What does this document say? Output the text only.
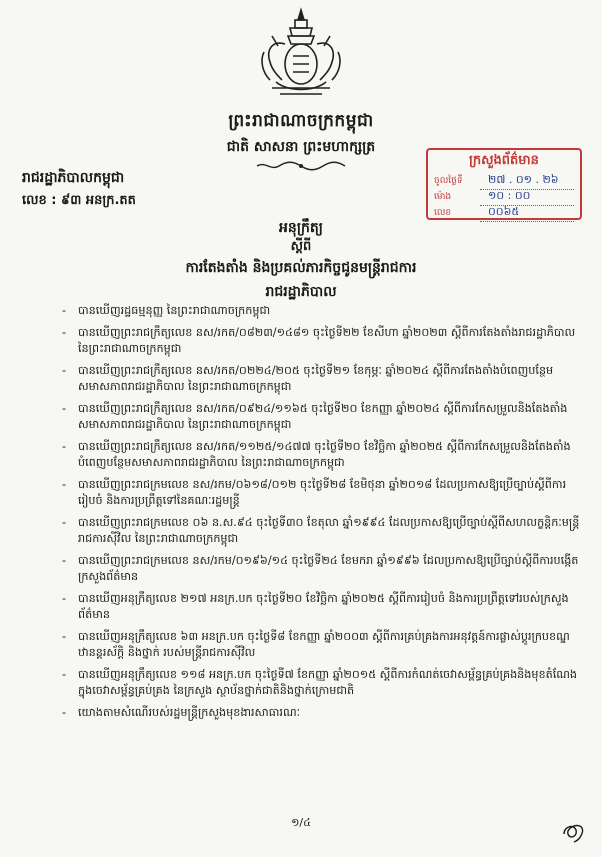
ព្រះរាជាណាចក្រកម្ពុជា
ជាតិ សាសនា ព្រះមហាក្សត្រ
រាជរដ្ឋាភិបាលកម្ពុជា
លេខ : ៩៣ អនក្រ.តត
ក្រសួងព័ត៌មាន
ចូលថ្ងៃទី	២៧ . ០១ . ២៦
ម៉ោង	១០ : ០០
លេខ	០០៦៥
អនុក្រឹត្យ
ស្តីពី
ការតែងតាំង និងប្រគល់ភារកិច្ចជូនមន្ត្រីរាជការ
រាជរដ្ឋាភិបាល
- បានឃើញរដ្ឋធម្មនុញ្ញ នៃព្រះរាជាណាចក្រកម្ពុជា
- បានឃើញព្រះរាជក្រឹត្យលេខ នស/រកត/០៨២៣/១៤៨១ ចុះថ្ងៃទី២២ ខែសីហា ឆ្នាំ២០២៣ ស្តីពីការតែងតាំងរាជរដ្ឋាភិបាល នៃព្រះរាជាណាចក្រកម្ពុជា
- បានឃើញព្រះរាជក្រឹត្យលេខ នស/រកត/០២២៤/២០៥ ចុះថ្ងៃទី២១ ខែកុម្ភៈ ឆ្នាំ២០២៤ ស្តីពីការតែងតាំងបំពេញបន្ថែមសមាសភាពរាជរដ្ឋាភិបាល នៃព្រះរាជាណាចក្រកម្ពុជា
- បានឃើញព្រះរាជក្រឹត្យលេខ នស/រកត/០៩២៤/១១៦៥ ចុះថ្ងៃទី២០ ខែកញ្ញា ឆ្នាំ២០២៤ ស្តីពីការកែសម្រួលនិងតែងតាំងសមាសភាពរាជរដ្ឋាភិបាល នៃព្រះរាជាណាចក្រកម្ពុជា
- បានឃើញព្រះរាជក្រឹត្យលេខ នស/រកត/១១២៥/១៤៧៧ ចុះថ្ងៃទី២០ ខែវិច្ឆិកា ឆ្នាំ២០២៥ ស្តីពីការកែសម្រួលនិងតែងតាំងបំពេញបន្ថែមសមាសភាពរាជរដ្ឋាភិបាល នៃព្រះរាជាណាចក្រកម្ពុជា
- បានឃើញព្រះរាជក្រមលេខ នស/រកម/០៦១៨/០១២ ចុះថ្ងៃទី២៨ ខែមិថុនា ឆ្នាំ២០១៨ ដែលប្រកាសឱ្យប្រើច្បាប់ស្តីពីការរៀបចំ និងការប្រព្រឹត្តទៅនៃគណៈរដ្ឋមន្ត្រី
- បានឃើញព្រះរាជក្រមលេខ ០៦ ន.ស.៩៤ ចុះថ្ងៃទី៣០ ខែតុលា ឆ្នាំ១៩៩៤ ដែលប្រកាសឱ្យប្រើច្បាប់ស្តីពីសហលក្ខន្តិកៈមន្ត្រីរាជការស៊ីវិល នៃព្រះរាជាណាចក្រកម្ពុជា
- បានឃើញព្រះរាជក្រមលេខ នស/រកម/០១៩៦/១៤ ចុះថ្ងៃទី២៤ ខែមករា ឆ្នាំ១៩៩៦ ដែលប្រកាសឱ្យប្រើច្បាប់ស្តីពីការបង្កើតក្រសួងព័ត៌មាន
- បានឃើញអនុក្រឹត្យលេខ ២១៧ អនក្រ.បក ចុះថ្ងៃទី២០ ខែវិច្ឆិកា ឆ្នាំ២០២៥ ស្តីពីការរៀបចំ និងការប្រព្រឹត្តទៅរបស់ក្រសួងព័ត៌មាន
- បានឃើញអនុក្រឹត្យលេខ ៦៣ អនក្រ.បក ចុះថ្ងៃទី៨ ខែកញ្ញា ឆ្នាំ២០០៣ ស្តីពីការគ្រប់គ្រងការអនុវត្តន៍ការផ្លាស់ប្តូរក្របខណ្ឌ ឋានន្តរស័ក្តិ និងថ្នាក់ របស់មន្ត្រីរាជការស៊ីវិល
- បានឃើញអនុក្រឹត្យលេខ ១១៨ អនក្រ.បក ចុះថ្ងៃទី៧ ខែកញ្ញា ឆ្នាំ២០១៥ ស្តីពីការកំណត់ចេវាសម្ព័ន្ធគ្រប់គ្រងនិងមុខតំណែងក្នុងចេវាសម្ព័ន្ធគ្រប់គ្រង នៃក្រសួង ស្ថាប័នថ្នាក់ជាតិនិងថ្នាក់ក្រោមជាតិ
- យោងតាមសំណើរបស់រដ្ឋមន្ត្រីក្រសួងមុខងារសាធារណៈ
១/៤
